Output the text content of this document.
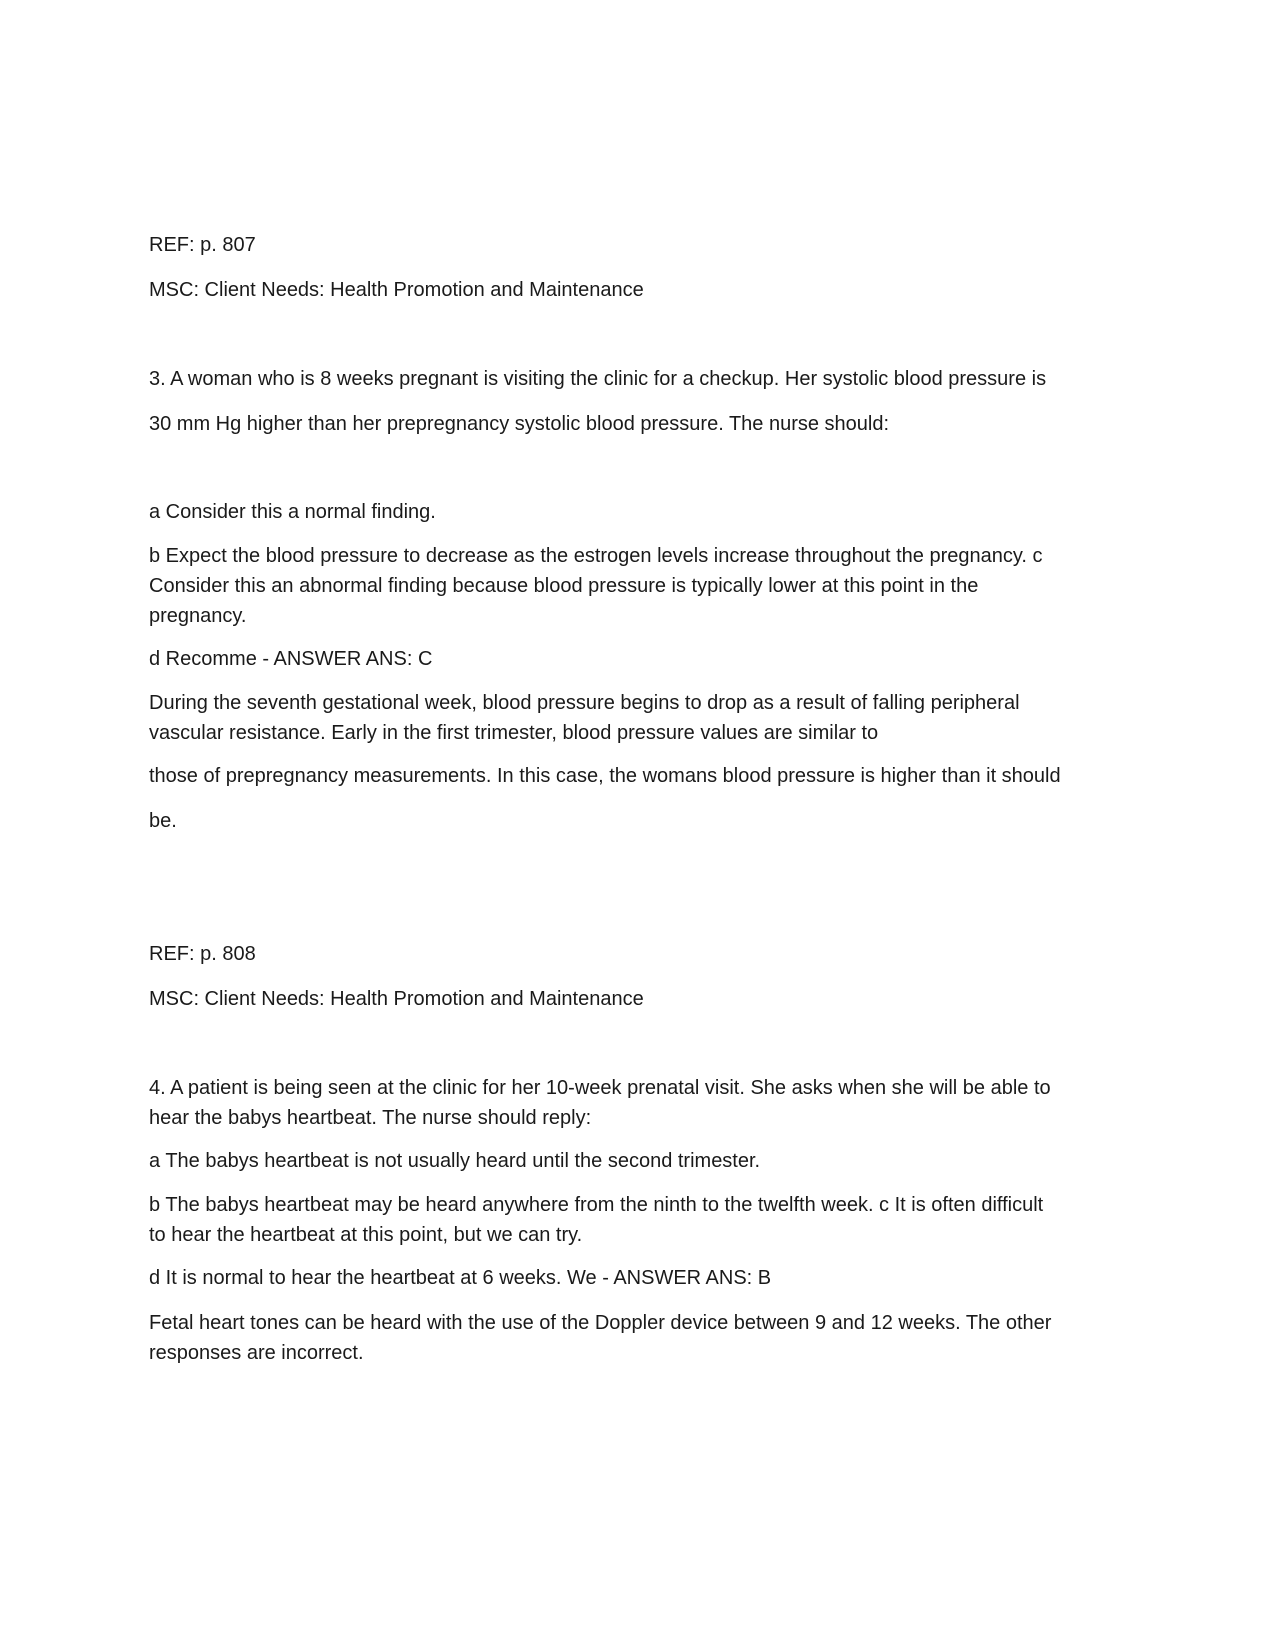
REF: p. 807

MSC: Client Needs: Health Promotion and Maintenance

3. A woman who is 8 weeks pregnant is visiting the clinic for a checkup. Her systolic blood pressure is

30 mm Hg higher than her prepregnancy systolic blood pressure. The nurse should:

a Consider this a normal finding.

b Expect the blood pressure to decrease as the estrogen levels increase throughout the pregnancy. c
Consider this an abnormal finding because blood pressure is typically lower at this point in the
pregnancy.

d Recomme - ANSWER ANS: C

During the seventh gestational week, blood pressure begins to drop as a result of falling peripheral
vascular resistance. Early in the first trimester, blood pressure values are similar to

those of prepregnancy measurements. In this case, the womans blood pressure is higher than it should

be.

REF: p. 808

MSC: Client Needs: Health Promotion and Maintenance

4. A patient is being seen at the clinic for her 10-week prenatal visit. She asks when she will be able to
hear the babys heartbeat. The nurse should reply:

a The babys heartbeat is not usually heard until the second trimester.

b The babys heartbeat may be heard anywhere from the ninth to the twelfth week. c It is often difficult
to hear the heartbeat at this point, but we can try.

d It is normal to hear the heartbeat at 6 weeks. We - ANSWER ANS: B

Fetal heart tones can be heard with the use of the Doppler device between 9 and 12 weeks. The other
responses are incorrect.
